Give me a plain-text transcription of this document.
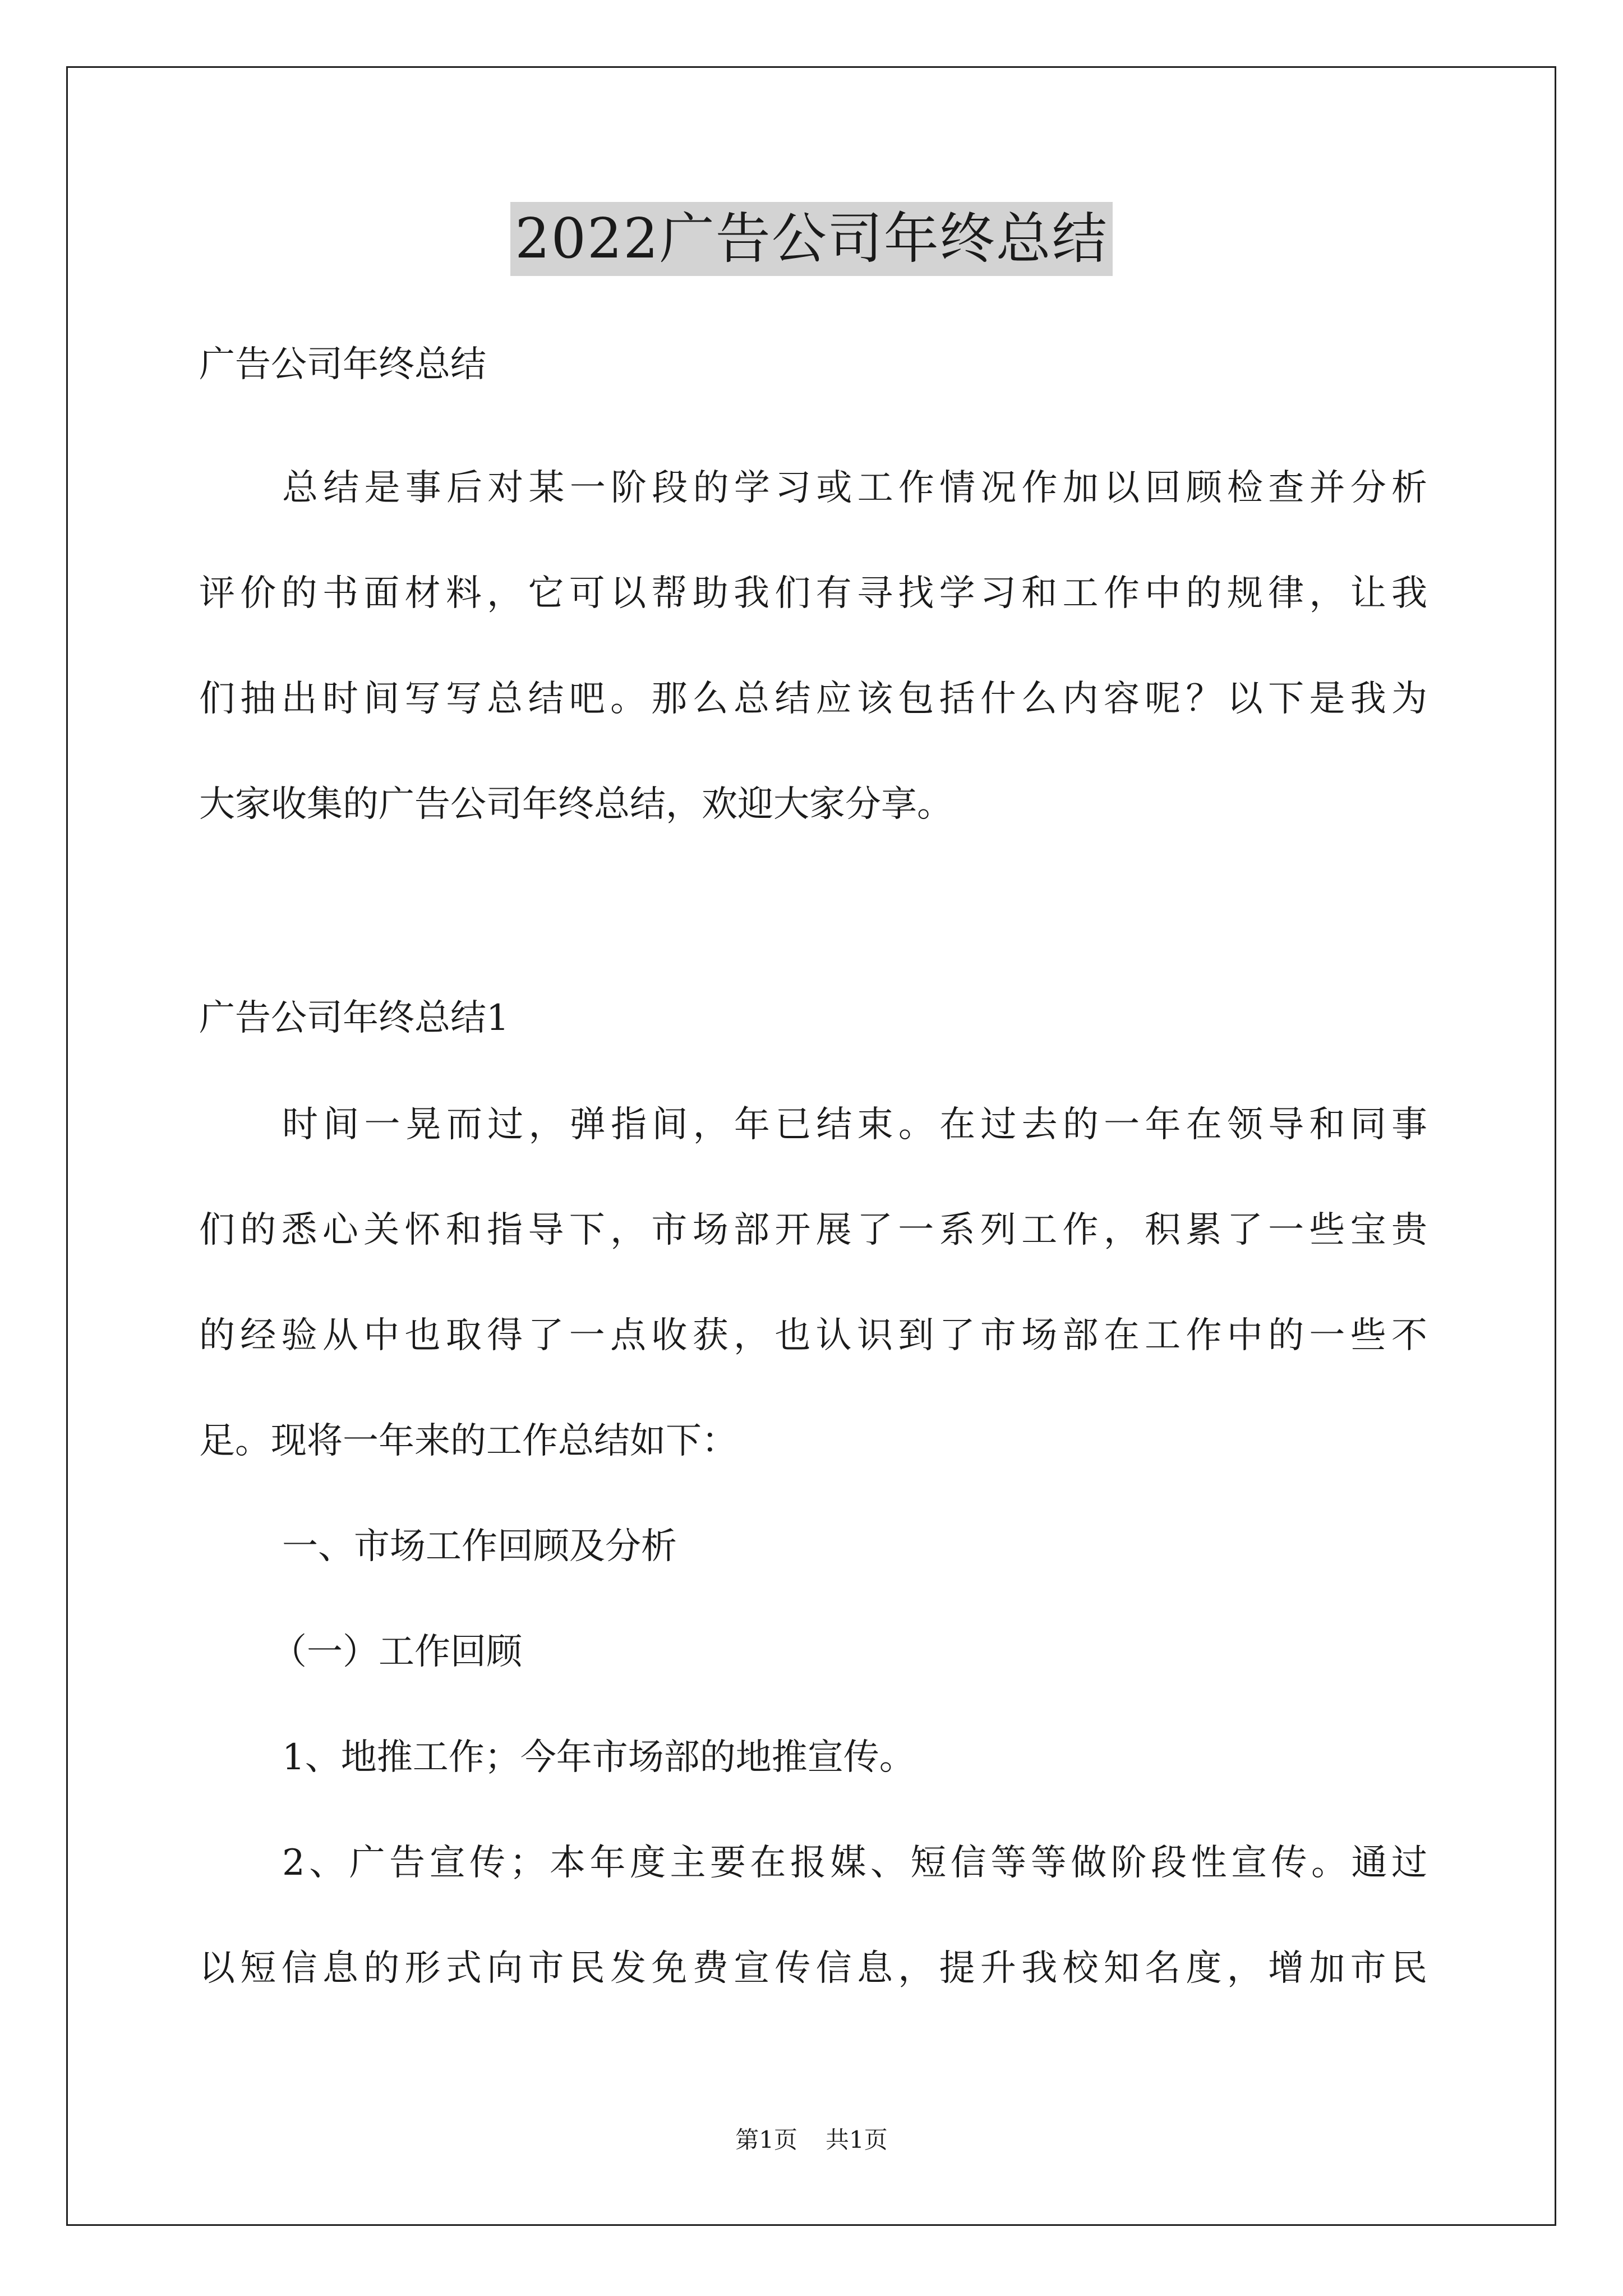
2022广告公司年终总结
广告公司年终总结
总结是事后对某一阶段的学习或工作情况作加以回顾检查并分析
评价的书面材料，它可以帮助我们有寻找学习和工作中的规律，让我
们抽出时间写写总结吧。那么总结应该包括什么内容呢？以下是我为
大家收集的广告公司年终总结，欢迎大家分享。
广告公司年终总结1
时间一晃而过，弹指间，年已结束。在过去的一年在领导和同事
们的悉心关怀和指导下，市场部开展了一系列工作，积累了一些宝贵
的经验从中也取得了一点收获，也认识到了市场部在工作中的一些不
足。现将一年来的工作总结如下：
一、市场工作回顾及分析
（一）工作回顾
1、地推工作；今年市场部的地推宣传。
2、广告宣传；本年度主要在报媒、短信等等做阶段性宣传。通过
以短信息的形式向市民发免费宣传信息，提升我校知名度，增加市民
第1页 共1页
